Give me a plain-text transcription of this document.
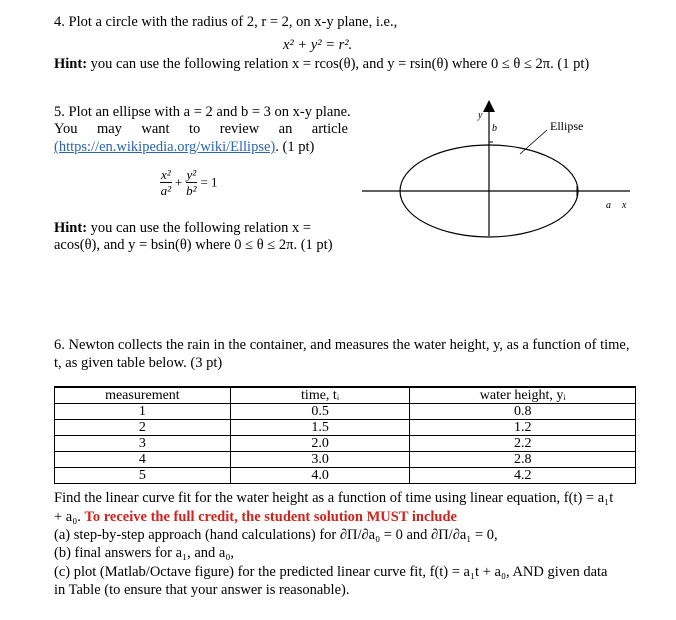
4. Plot a circle with the radius of 2, r = 2, on x-y plane, i.e.,
x² + y² = r².
Hint: you can use the following relation x = rcos(θ), and y = rsin(θ) where 0 ≤ θ ≤ 2π. (1 pt)
5. Plot an ellipse with a = 2 and b = 3 on x-y plane.
You may want to review an article
(https://en.wikipedia.org/wiki/Ellipse). (1 pt)
$\frac{\text{x²}}{\text{a²}} + \frac{\text{y²}}{\text{b²}} = 1$
Hint: you can use the following relation x =
acos(θ), and y = bsin(θ) where 0 ≤ θ ≤ 2π. (1 pt)
y
x
a
b	Ellipse
6. Newton collects the rain in the container, and measures the water height, y, as a function of time,
t, as given table below. (3 pt)
measurement	time, tᵢ	water height, yᵢ
1	0.5	0.8
2	1.5	1.2
3	2.0	2.2
4	3.0	2.8
5	4.0	4.2
Find the linear curve fit for the water height as a function of time using linear equation, f(t) = a₁t
+ a₀. To receive the full credit, the student solution MUST include
(a) step-by-step approach (hand calculations) for ∂Π/∂a₀ = 0 and ∂Π/∂a₁ = 0,
(b) final answers for a₁, and a₀,
(c) plot (Matlab/Octave figure) for the predicted linear curve fit, f(t) = a₁t + a₀, AND given data
in Table (to ensure that your answer is reasonable).
